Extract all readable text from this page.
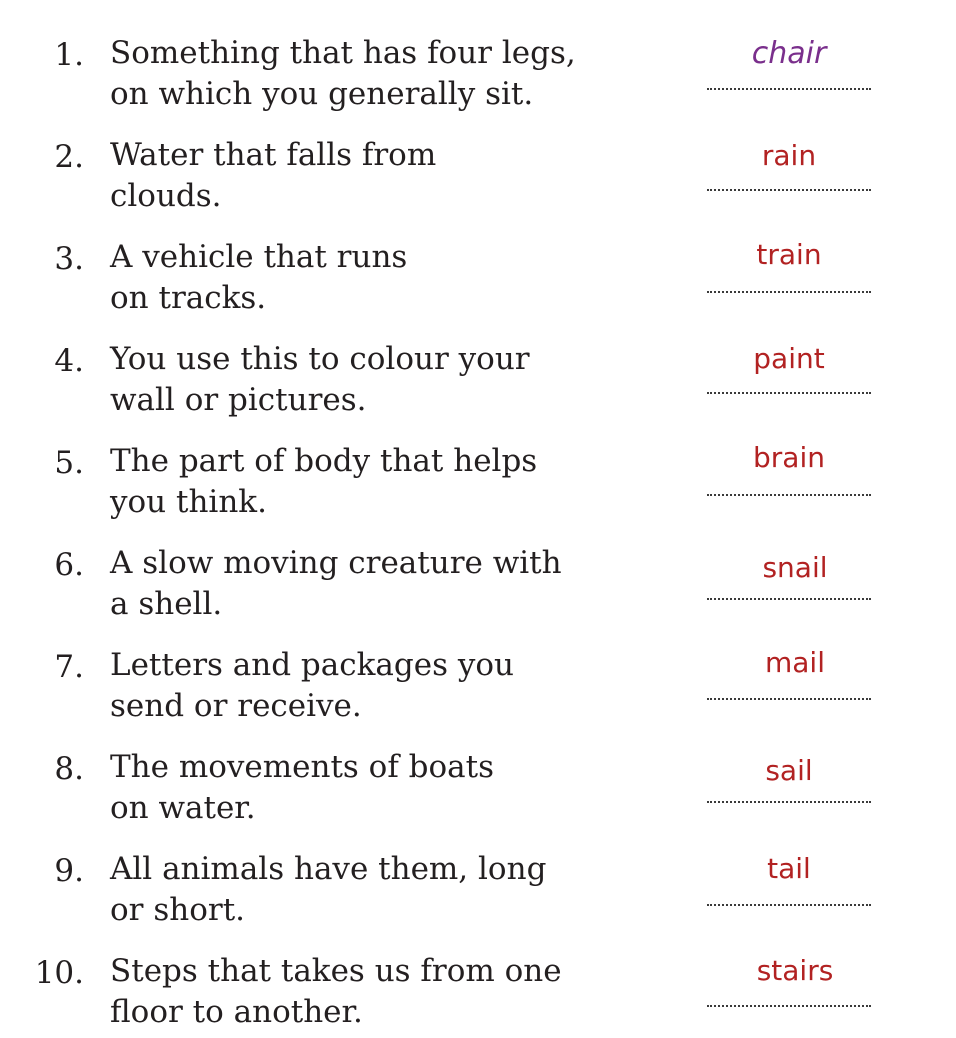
1. Something that has four legs,
on which you generally sit.
chair
2. Water that falls from
clouds.
rain
3. A vehicle that runs
on tracks.
train
4. You use this to colour your
wall or pictures.
paint
5. The part of body that helps
you think.
brain
6. A slow moving creature with
a shell.
snail
7. Letters and packages you
send or receive.
mail
8. The movements of boats
on water.
sail
9. All animals have them, long
or short.
tail
10. Steps that takes us from one
floor to another.
stairs
